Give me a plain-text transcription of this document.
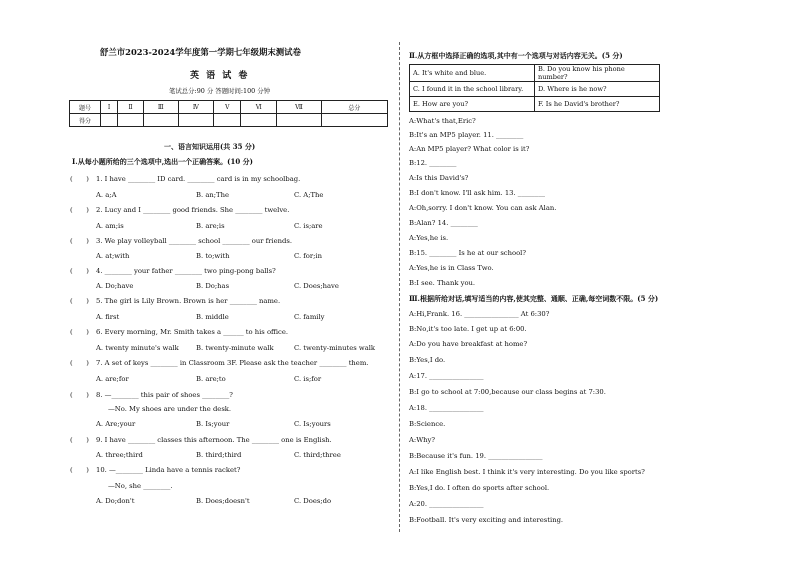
舒兰市2023-2024学年度第一学期七年级期末测试卷
英 语 试 卷
笔试总分:90 分 答题时间:100 分钟
题号	Ⅰ	Ⅱ	Ⅲ	Ⅳ	Ⅴ	Ⅵ	Ⅶ	总分
得分								
一、语言知识运用(共 35 分)
Ⅰ.从每小题所给的三个选项中,选出一个正确答案。(10 分)
(　　) 1. I have ________ ID card. ________ card is in my schoolbag.
A. a;A	B. an;The	C. A;The
(　　) 2. Lucy and I ________ good friends. She ________ twelve.
A. am;is	B. are;is	C. is;are
(　　) 3. We play volleyball ________ school ________ our friends.
A. at;with	B. to;with	C. for;in
(　　) 4. ________ your father ________ two ping-pong balls?
A. Do;have	B. Do;has	C. Does;have
(　　) 5. The girl is Lily Brown. Brown is her ________ name.
A. first	B. middle	C. family
(　　) 6. Every morning, Mr. Smith takes a ______ to his office.
A. twenty minute's walk	B. twenty-minute walk	C. twenty-minutes walk
(　　) 7. A set of keys ________ in Classroom 3F. Please ask the teacher ________ them.
A. are;for	B. are;to	C. is;for
(　　) 8. —________ this pair of shoes ________?
—No. My shoes are under the desk.
A. Are;your	B. Is;your	C. Is;yours
(　　) 9. I have ________ classes this afternoon. The ________ one is English.
A. three;third	B. third;third	C. third;three
(　　) 10. —________ Linda have a tennis racket?
—No, she ________.
A. Do;don't	B. Does;doesn't	C. Does;do
Ⅱ.从方框中选择正确的选项,其中有一个选项与对话内容无关。(5 分)
A. It's white and blue.	B. Do you know his phone number?
C. I found it in the school library.	D. Where is he now?
E. How are you?	F. Is he David's brother?
A:What's that,Eric?
B:It's an MP5 player. 11. ________
A:An MP5 player? What color is it?
B:12. ________
A:Is this David's?
B:I don't know. I'll ask him. 13. ________
A:Oh,sorry. I don't know. You can ask Alan.
B:Alan? 14. ________
A:Yes,he is.
B:15. ________ Is he at our school?
A:Yes,he is in Class Two.
B:I see. Thank you.
Ⅲ.根据所给对话,填写适当的内容,使其完整、通顺、正确,每空词数不限。(5 分)
A:Hi,Frank. 16. ________________ At 6:30?
B:No,it's too late. I get up at 6:00.
A:Do you have breakfast at home?
B:Yes,I do.
A:17. ________________
B:I go to school at 7:00,because our class begins at 7:30.
A:18. ________________
B:Science.
A:Why?
B:Because it's fun. 19. ________________
A:I like English best. I think it's very interesting. Do you like sports?
B:Yes,I do. I often do sports after school.
A:20. ________________
B:Football. It's very exciting and interesting.
